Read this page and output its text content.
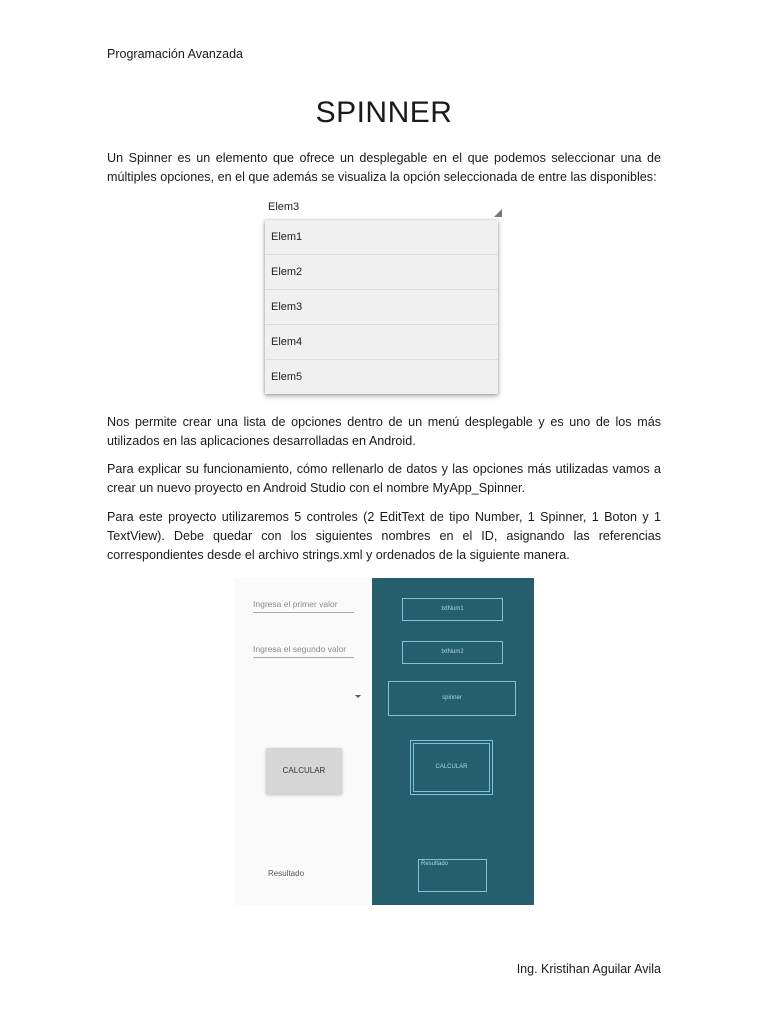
Programación Avanzada
SPINNER

Un Spinner es un elemento que ofrece un desplegable en el que podemos seleccionar una de múltiples opciones, en el que además se visualiza la opción seleccionada de entre las disponibles:

Elem3
Elem1
Elem2
Elem3
Elem4
Elem5

Nos permite crear una lista de opciones dentro de un menú desplegable y es uno de los más utilizados en las aplicaciones desarrolladas en Android.

Para explicar su funcionamiento, cómo rellenarlo de datos y las opciones más utilizadas vamos a crear un nuevo proyecto en Android Studio con el nombre MyApp_Spinner.

Para este proyecto utilizaremos 5 controles (2 EditText de tipo Number, 1 Spinner, 1 Boton y 1 TextView). Debe quedar con los siguientes nombres en el ID, asignando las referencias correspondientes desde el archivo strings.xml y ordenados de la siguiente manera.

Ingresa el primer valor
Ingresa el segundo valor
CALCULAR
Resultado
txtNum1
txtNum2
spinner
CALCULAR
Resultado
Ing. Kristihan Aguilar Avila
